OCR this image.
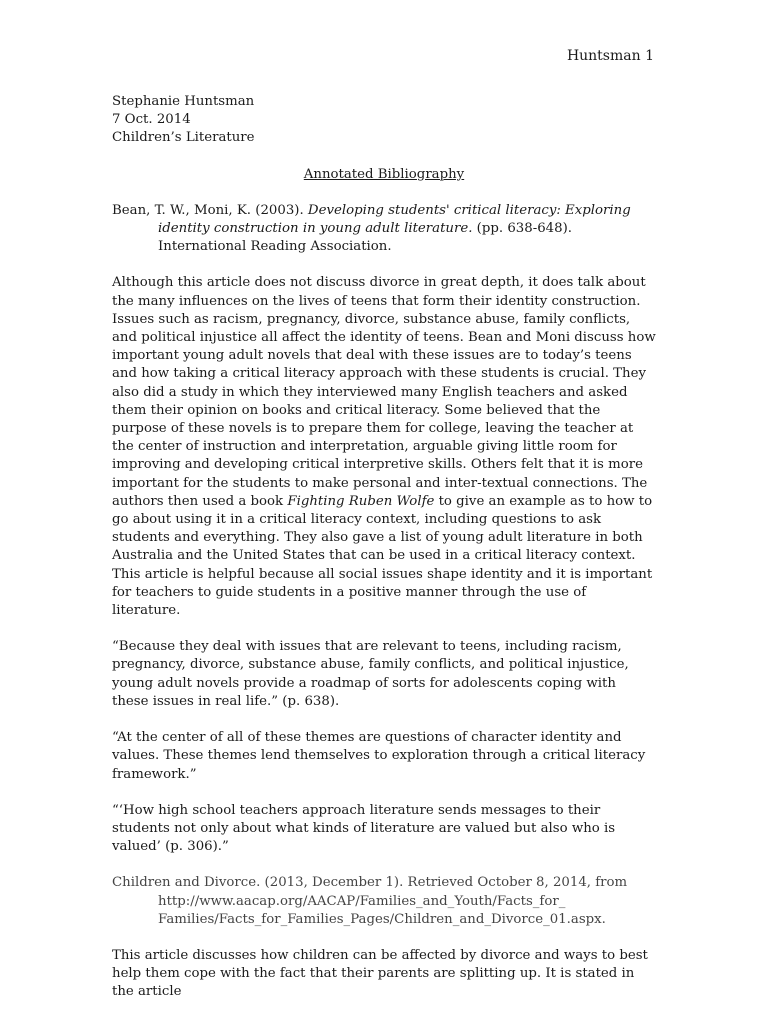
Huntsman 1
Stephanie Huntsman
7 Oct. 2014
Children’s Literature
Annotated Bibliography

Bean, T. W., Moni, K. (2003). Developing students' critical literacy: Exploring identity construction in young adult literature. (pp. 638-648). International Reading Association.

Although this article does not discuss divorce in great depth, it does talk about the many influences on the lives of teens that form their identity construction. Issues such as racism, pregnancy, divorce, substance abuse, family conflicts, and political injustice all affect the identity of teens. Bean and Moni discuss how important young adult novels that deal with these issues are to today’s teens and how taking a critical literacy approach with these students is crucial. They also did a study in which they interviewed many English teachers and asked them their opinion on books and critical literacy. Some believed that the purpose of these novels is to prepare them for college, leaving the teacher at the center of instruction and interpretation, arguable giving little room for improving and developing critical interpretive skills. Others felt that it is more important for the students to make personal and inter-textual connections. The authors then used a book Fighting Ruben Wolfe to give an example as to how to go about using it in a critical literacy context, including questions to ask students and everything. They also gave a list of young adult literature in both Australia and the United States that can be used in a critical literacy context. This article is helpful because all social issues shape identity and it is important for teachers to guide students in a positive manner through the use of literature.

“Because they deal with issues that are relevant to teens, including racism, pregnancy, divorce, substance abuse, family conflicts, and political injustice, young adult novels provide a roadmap of sorts for adolescents coping with these issues in real life.” (p. 638).

“At the center of all of these themes are questions of character identity and values. These themes lend themselves to exploration through a critical literacy framework.”

“‘How high school teachers approach literature sends messages to their students not only about what kinds of literature are valued but also who is valued’ (p. 306).”

Children and Divorce. (2013, December 1). Retrieved October 8, 2014, from http://www.aacap.org/AACAP/Families_and_Youth/Facts_for_ Families/Facts_for_Families_Pages/Children_and_Divorce_01.aspx.

This article discusses how children can be affected by divorce and ways to best help them cope with the fact that their parents are splitting up. It is stated in the article
